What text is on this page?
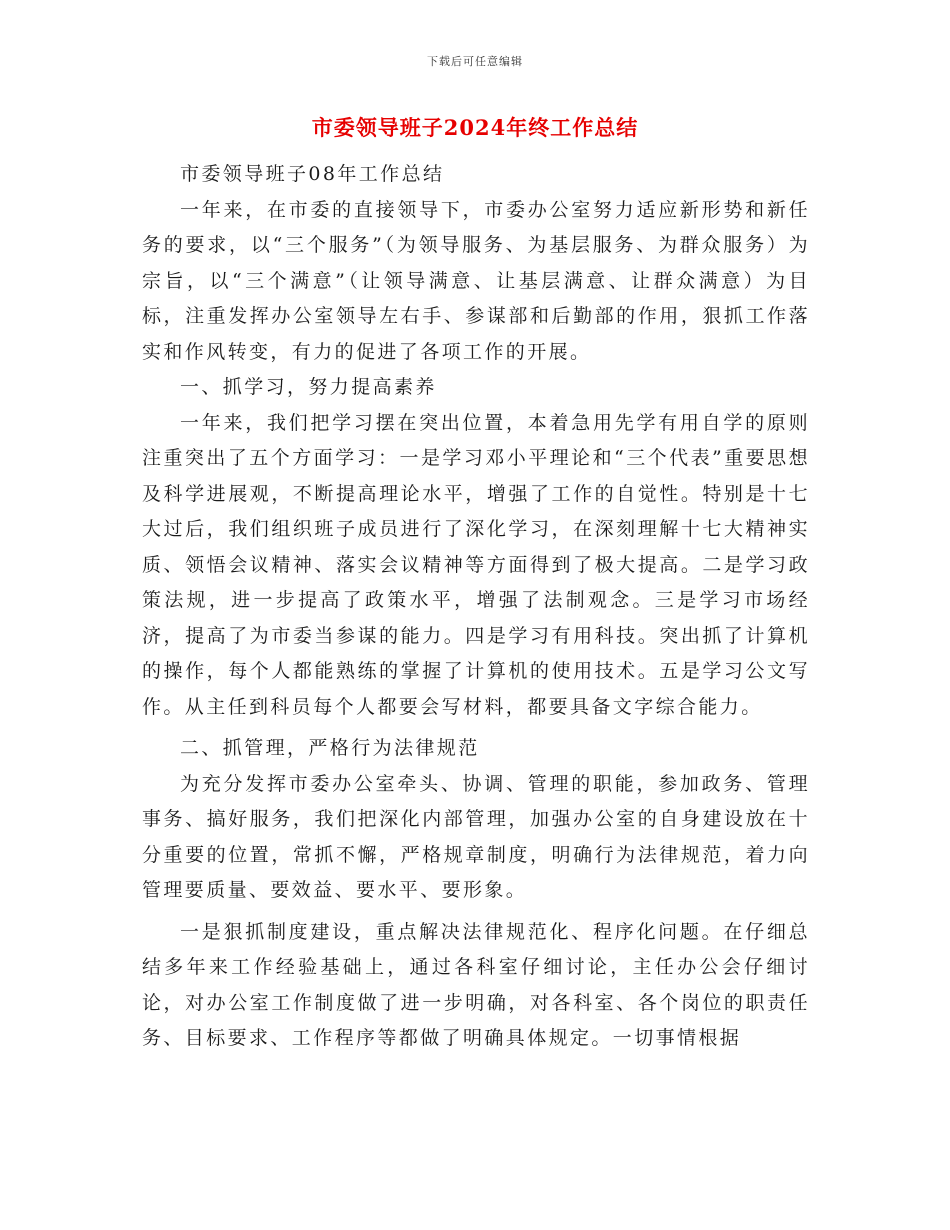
下载后可任意编辑
市委领导班子2024年终工作总结

市委领导班子08年工作总结

一年来，在市委的直接领导下，市委办公室努力适应新形势和新任务的要求，以“三个服务”（为领导服务、为基层服务、为群众服务）为宗旨，以“三个满意”（让领导满意、让基层满意、让群众满意）为目标，注重发挥办公室领导左右手、参谋部和后勤部的作用，狠抓工作落实和作风转变，有力的促进了各项工作的开展。

一、抓学习，努力提高素养

一年来，我们把学习摆在突出位置，本着急用先学有用自学的原则注重突出了五个方面学习：一是学习邓小平理论和“三个代表”重要思想及科学进展观，不断提高理论水平，增强了工作的自觉性。特别是十七大过后，我们组织班子成员进行了深化学习，在深刻理解十七大精神实质、领悟会议精神、落实会议精神等方面得到了极大提高。二是学习政策法规，进一步提高了政策水平，增强了法制观念。三是学习市场经济，提高了为市委当参谋的能力。四是学习有用科技。突出抓了计算机的操作，每个人都能熟练的掌握了计算机的使用技术。五是学习公文写作。从主任到科员每个人都要会写材料，都要具备文字综合能力。

二、抓管理，严格行为法律规范

为充分发挥市委办公室牵头、协调、管理的职能，参加政务、管理事务、搞好服务，我们把深化内部管理，加强办公室的自身建设放在十分重要的位置，常抓不懈，严格规章制度，明确行为法律规范，着力向管理要质量、要效益、要水平、要形象。

一是狠抓制度建设，重点解决法律规范化、程序化问题。在仔细总结多年来工作经验基础上，通过各科室仔细讨论，主任办公会仔细讨论，对办公室工作制度做了进一步明确，对各科室、各个岗位的职责任务、目标要求、工作程序等都做了明确具体规定。一切事情根据
